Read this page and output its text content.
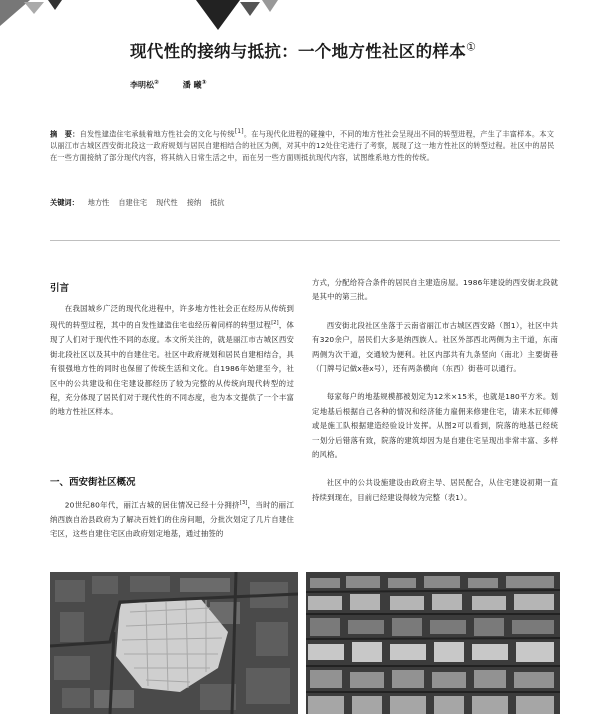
现代性的接纳与抵抗：一个地方性社区的样本①
李明松②	潘 曦③
摘　要：自发性建造住宅承载着地方性社会的文化与传统[1]。在与现代化进程的碰撞中，不同的地方性社会呈现出不同的转型进程，产生了丰富样本。本文以丽江市古城区西安街北段这一政府规划与居民自建相结合的社区为例，对其中的12处住宅进行了考察，展现了这一地方性社区的转型过程。社区中的居民在一些方面接纳了部分现代内容，将其纳入日常生活之中，而在另一些方面则抵抗现代内容，试图维系地方性的传统。
关键词： 地方性 自建住宅 现代性 接纳 抵抗
引言

在我国城乡广泛的现代化进程中，许多地方性社会正在经历从传统到现代的转型过程，其中的自发性建造住宅也经历着同样的转型过程[2]，体现了人们对于现代性不同的态度。本文所关注的，就是丽江市古城区西安街北段社区以及其中的自建住宅。社区中政府规划和居民自建相结合，具有很强地方性的同时也保留了传统生活和文化。自1986年始建至今，社区中的公共建设和住宅建设都经历了较为完整的从传统向现代转型的过程，充分体现了居民们对于现代性的不同态度，也为本文提供了一个丰富的地方性社区样本。

一、西安街社区概况

20世纪80年代，丽江古城的居住情况已经十分拥挤[3]，当时的丽江纳西族自治县政府为了解决百姓们的住房问题，分批次划定了几片自建住宅区，这些自建住宅区由政府划定地基，通过抽签的

方式，分配给符合条件的居民自主建造房屋。1986年建设的西安街北段就是其中的第三批。

西安街北段社区坐落于云南省丽江市古城区西安路（图1），社区中共有320余户，居民们大多是纳西族人。社区外部西北两侧为主干道，东南两侧为次干道，交通较为便利。社区内部共有九条竖向（南北）主要街巷（门牌号记做x巷x号），还有两条横向（东西）街巷可以通行。

每家每户的地基规模都被划定为12米×15米，也就是180平方米。划定地基后根据自己各种的情况和经济能力雇佣来修建住宅，请来木匠师傅或是施工队根据建造经验设计发挥。从图2可以看到，院落的地基已经统一划分后错落有致，院落的建筑却因为是自建住宅呈现出非常丰富、多样的风格。

社区中的公共设施建设由政府主导、居民配合，从住宅建设初期一直持续到现在，目前已经建设得较为完整（表1）。
